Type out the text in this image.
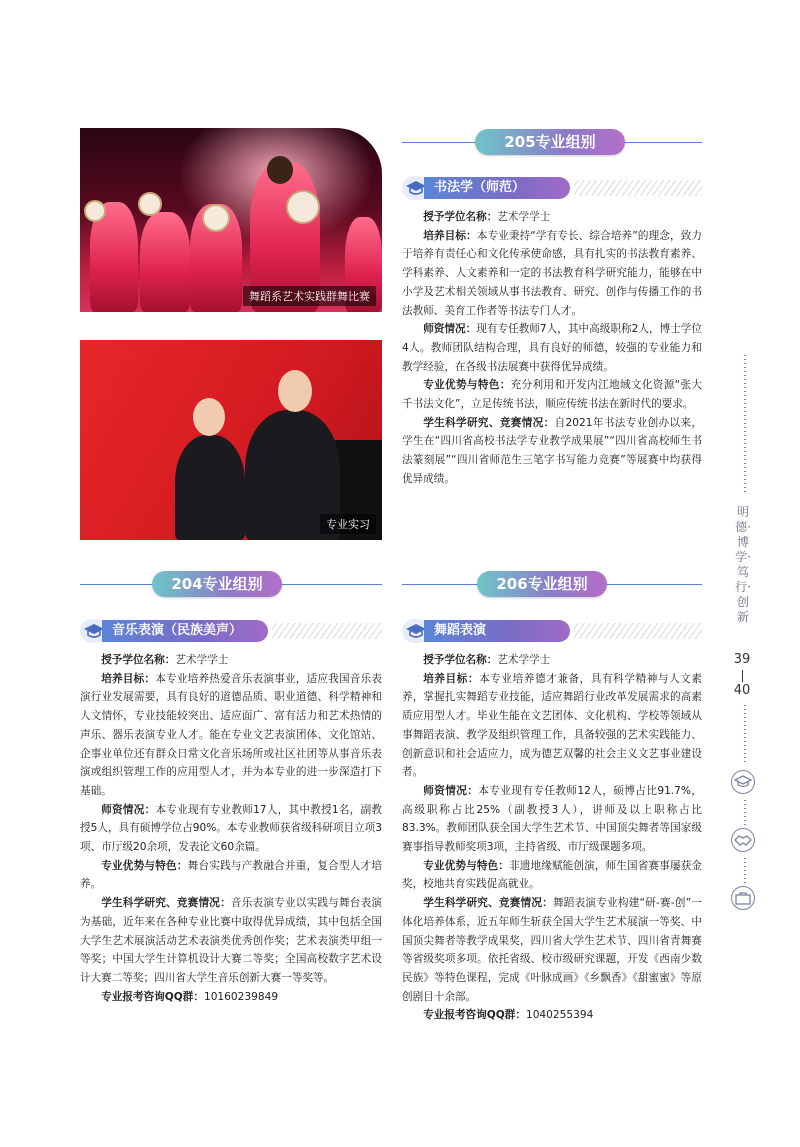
舞蹈系艺术实践群舞比赛
专业实习
205专业组别
书法学（师范）

授予学位名称：艺术学学士

培养目标：本专业秉持“学有专长、综合培养”的理念，致力于培养有责任心和文化传承使命感，具有扎实的书法教育素养、学科素养、人文素养和一定的书法教育科学研究能力，能够在中小学及艺术相关领域从事书法教育、研究、创作与传播工作的书法教师、美育工作者等书法专门人才。

师资情况：现有专任教师7人，其中高级职称2人，博士学位4人。教师团队结构合理，具有良好的师德，较强的专业能力和教学经验，在各级书法展赛中获得优异成绩。

专业优势与特色：充分利用和开发内江地域文化资源“张大千书法文化”，立足传统书法，顺应传统书法在新时代的要求。

学生科学研究、竞赛情况：自2021年书法专业创办以来，学生在“四川省高校书法学专业教学成果展”“四川省高校师生书法篆刻展”“四川省师范生三笔字书写能力竞赛”等展赛中均获得优异成绩。

204专业组别	206专业组别
音乐表演（民族美声）

授予学位名称：艺术学学士

培养目标：本专业培养热爱音乐表演事业，适应我国音乐表演行业发展需要，具有良好的道德品质、职业道德、科学精神和人文情怀，专业技能较突出、适应面广、富有活力和艺术热情的声乐、器乐表演专业人才。能在专业文艺表演团体、文化馆站、企事业单位还有群众日常文化音乐场所或社区社团等从事音乐表演或组织管理工作的应用型人才，并为本专业的进一步深造打下基础。

师资情况：本专业现有专业教师17人，其中教授1名，副教授5人，具有硕博学位占90%。本专业教师获省级科研项目立项3项、市厅级20余项，发表论文60余篇。

专业优势与特色：舞台实践与产教融合并重，复合型人才培养。

学生科学研究、竞赛情况：音乐表演专业以实践与舞台表演为基础，近年来在各种专业比赛中取得优异成绩，其中包括全国大学生艺术展演活动艺术表演类优秀创作奖；艺术表演类甲组一等奖；中国大学生计算机设计大赛二等奖；全国高校数字艺术设计大赛二等奖；四川省大学生音乐创新大赛一等奖等。

专业报考咨询QQ群：10160239849

舞蹈表演

授予学位名称：艺术学学士

培养目标：本专业培养德才兼备，具有科学精神与人文素养，掌握扎实舞蹈专业技能，适应舞蹈行业改革发展需求的高素质应用型人才。毕业生能在文艺团体、文化机构、学校等领域从事舞蹈表演、教学及组织管理工作，具备较强的艺术实践能力、创新意识和社会适应力，成为德艺双馨的社会主义文艺事业建设者。

师资情况：本专业现有专任教师12人，硕博占比91.7%，高级职称占比25%（副教授3人），讲师及以上职称占比83.3%。教师团队获全国大学生艺术节、中国顶尖舞者等国家级赛事指导教师奖项3项，主持省级、市厅级课题多项。

专业优势与特色：非遗地缘赋能创演，师生国省赛事屡获金奖，校地共育实践促高就业。

学生科学研究、竞赛情况：舞蹈表演专业构建“研-赛-创”一体化培养体系，近五年师生斩获全国大学生艺术展演一等奖、中国顶尖舞者等教学成果奖，四川省大学生艺术节、四川省青舞赛等省级奖项多项。依托省级、校市级研究课题，开发《西南少数民族》等特色课程，完成《叶脉成画》《乡飘香》《甜蜜蜜》等原创剧目十余部。

专业报考咨询QQ群：1040255394

明德·博学·笃行·创新
39
40
